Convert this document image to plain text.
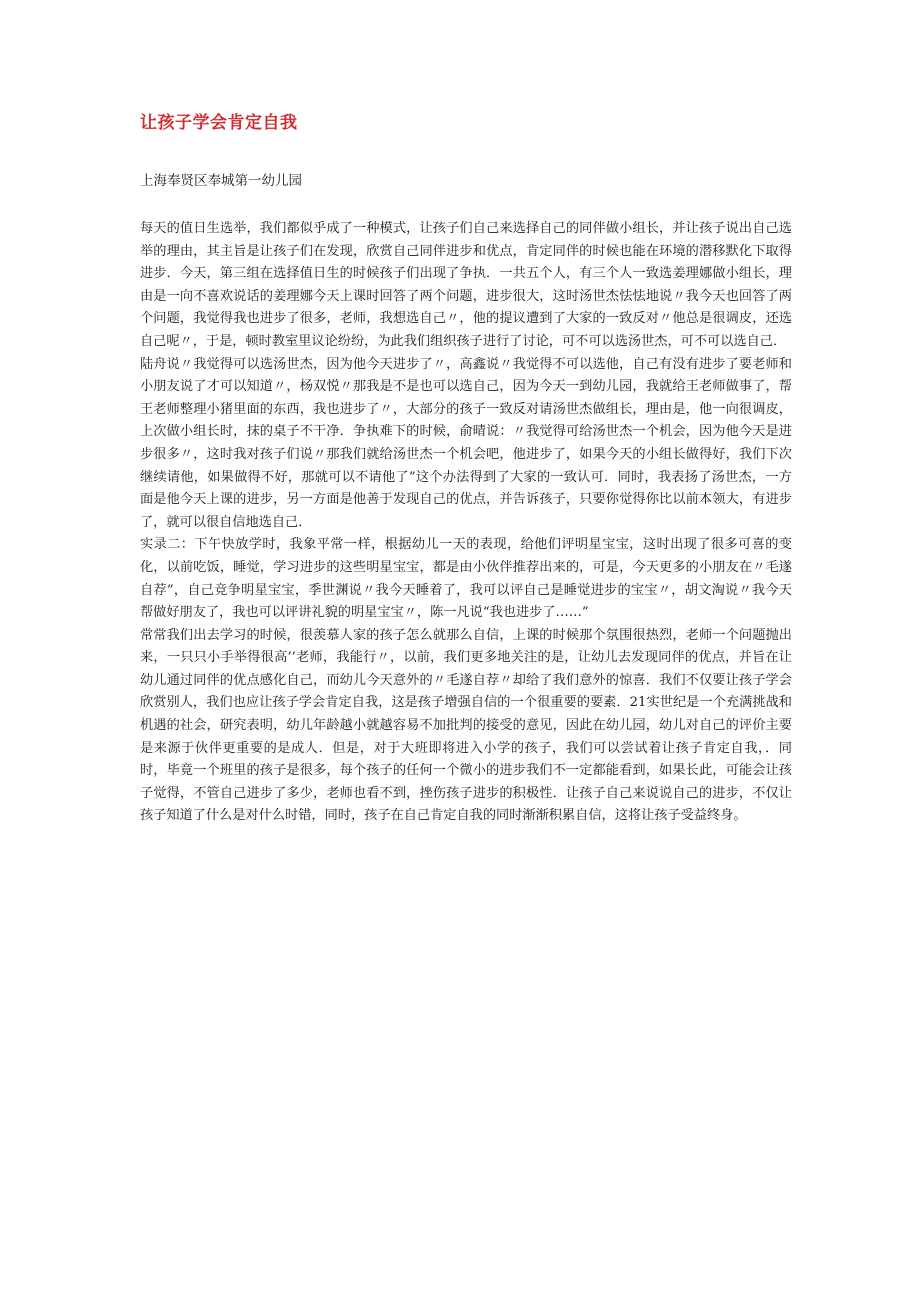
让孩子学会肯定自我
上海奉贤区奉城第一幼儿园

每天的值日生选举，我们都似乎成了一种模式，让孩子们自己来选择自己的同伴做小组长，并让孩子说出自己选举的理由，其主旨是让孩子们在发现，欣赏自己同伴进步和优点，肯定同伴的时候也能在环境的潜移默化下取得进步．今天，第三组在选择值日生的时候孩子们出现了争执．一共五个人，有三个人一致选姜理娜做小组长，理由是一向不喜欢说话的姜理娜今天上课时回答了两个问题，进步很大，这时汤世杰怯怯地说〃我今天也回答了两个问题，我觉得我也进步了很多，老师，我想选自己〃，他的提议遭到了大家的一致反对〃他总是很调皮，还选自己呢〃，于是，顿时教室里议论纷纷，为此我们组织孩子进行了讨论，可不可以选汤世杰，可不可以选自己．

陆舟说〃我觉得可以选汤世杰，因为他今天进步了〃，高鑫说〃我觉得不可以选他，自己有没有进步了要老师和小朋友说了才可以知道〃，杨双悦〃那我是不是也可以选自己，因为今天一到幼儿园，我就给王老师做事了，帮王老师整理小猪里面的东西，我也进步了〃，大部分的孩子一致反对请汤世杰做组长，理由是，他一向很调皮，上次做小组长时，抹的桌子不干净．争执难下的时候，俞晴说：〃我觉得可给汤世杰一个机会，因为他今天是进步很多〃，这时我对孩子们说〃那我们就给汤世杰一个机会吧，他进步了，如果今天的小组长做得好，我们下次继续请他，如果做得不好，那就可以不请他了”这个办法得到了大家的一致认可．同时，我表扬了汤世杰，一方面是他今天上课的进步，另一方面是他善于发现自己的优点，并告诉孩子，只要你觉得你比以前本领大，有进步了，就可以很自信地选自己．

实录二：下午快放学时，我象平常一样，根据幼儿一天的表现，给他们评明星宝宝，这时出现了很多可喜的变化，以前吃饭，睡觉，学习进步的这些明星宝宝，都是由小伙伴推荐出来的，可是，今天更多的小朋友在〃毛遂自荐”，自己竞争明星宝宝，季世渊说〃我今天睡着了，我可以评自己是睡觉进步的宝宝〃，胡文淘说〃我今天帮做好朋友了，我也可以评讲礼貌的明星宝宝〃，陈一凡说“我也进步了……”

常常我们出去学习的时候，很羡慕人家的孩子怎么就那么自信，上课的时候那个氛围很热烈，老师一个问题抛出来，一只只小手举得很高’’老师，我能行〃，以前，我们更多地关注的是，让幼儿去发现同伴的优点，并旨在让幼儿通过同伴的优点感化自己，而幼儿今天意外的〃毛遂自荐〃却给了我们意外的惊喜．我们不仅要让孩子学会欣赏别人，我们也应让孩子学会肯定自我，这是孩子增强自信的一个很重要的要素．21实世纪是一个充满挑战和机遇的社会，研究表明，幼儿年龄越小就越容易不加批判的接受的意见，因此在幼儿园，幼儿对自己的评价主要是来源于伙伴更重要的是成人．但是，对于大班即将进入小学的孩子，我们可以尝试着让孩子肯定自我，．同时，毕竟一个班里的孩子是很多，每个孩子的任何一个微小的进步我们不一定都能看到，如果长此，可能会让孩子觉得，不管自己进步了多少，老师也看不到，挫伤孩子进步的积极性．让孩子自己来说说自己的进步，不仅让孩子知道了什么是对什么时错，同时，孩子在自己肯定自我的同时渐渐积累自信，这将让孩子受益终身。
